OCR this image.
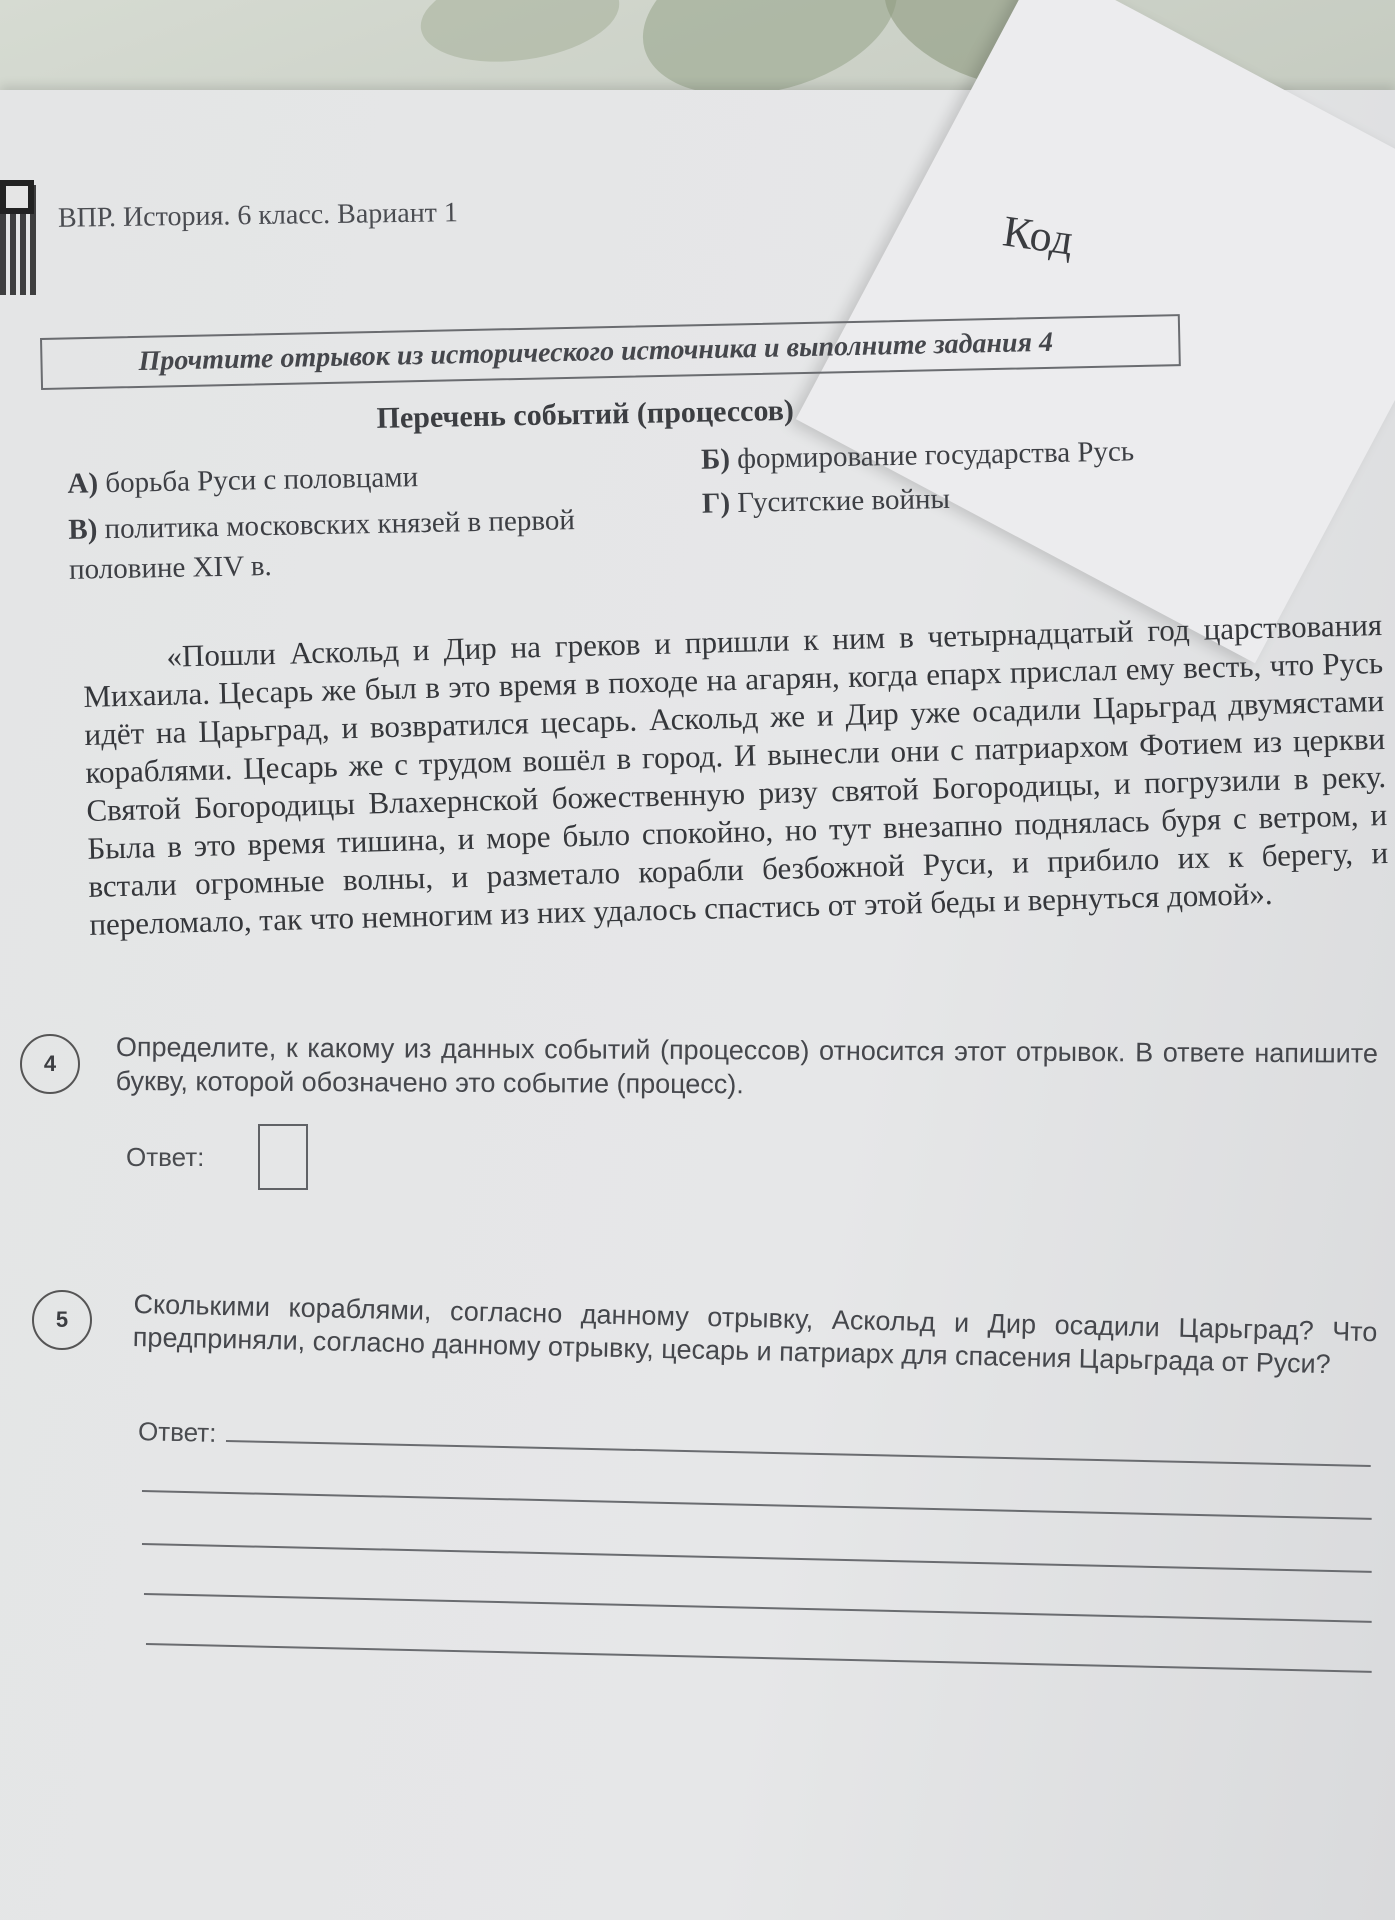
ВПР. История. 6 класс. Вариант 1	Код
Прочтите отрывок из исторического источника и выполните задания 4
Перечень событий (процессов)
А) борьба Руси с половцами
Б) формирование государства Русь
В) политика московских князей в первой половине XIV в.
Г) Гуситские войны
«Пошли Аскольд и Дир на греков и пришли к ним в четырнадцатый год царствования Михаила. Цесарь же был в это время в походе на агарян, когда епарх прислал ему весть, что Русь идёт на Царьград, и возвратился цесарь. Аскольд же и Дир уже осадили Царьград двумястами кораблями. Цесарь же с трудом вошёл в город. И вынесли они с патриархом Фотием из церкви Святой Богородицы Влахернской божественную ризу святой Богородицы, и погрузили в реку. Была в это время тишина, и море было спокойно, но тут внезапно поднялась буря с ветром, и встали огромные волны, и разметало корабли безбожной Руси, и прибило их к берегу, и переломало, так что немногим из них удалось спастись от этой беды и вернуться домой».
4	Определите, к какому из данных событий (процессов) относится этот отрывок. В ответе напишите букву, которой обозначено это событие (процесс).
Ответ:
5	Сколькими кораблями, согласно данному отрывку, Аскольд и Дир осадили Царьград? Что предприняли, согласно данному отрывку, цесарь и патриарх для спасения Царьграда от Руси?
Ответ:
